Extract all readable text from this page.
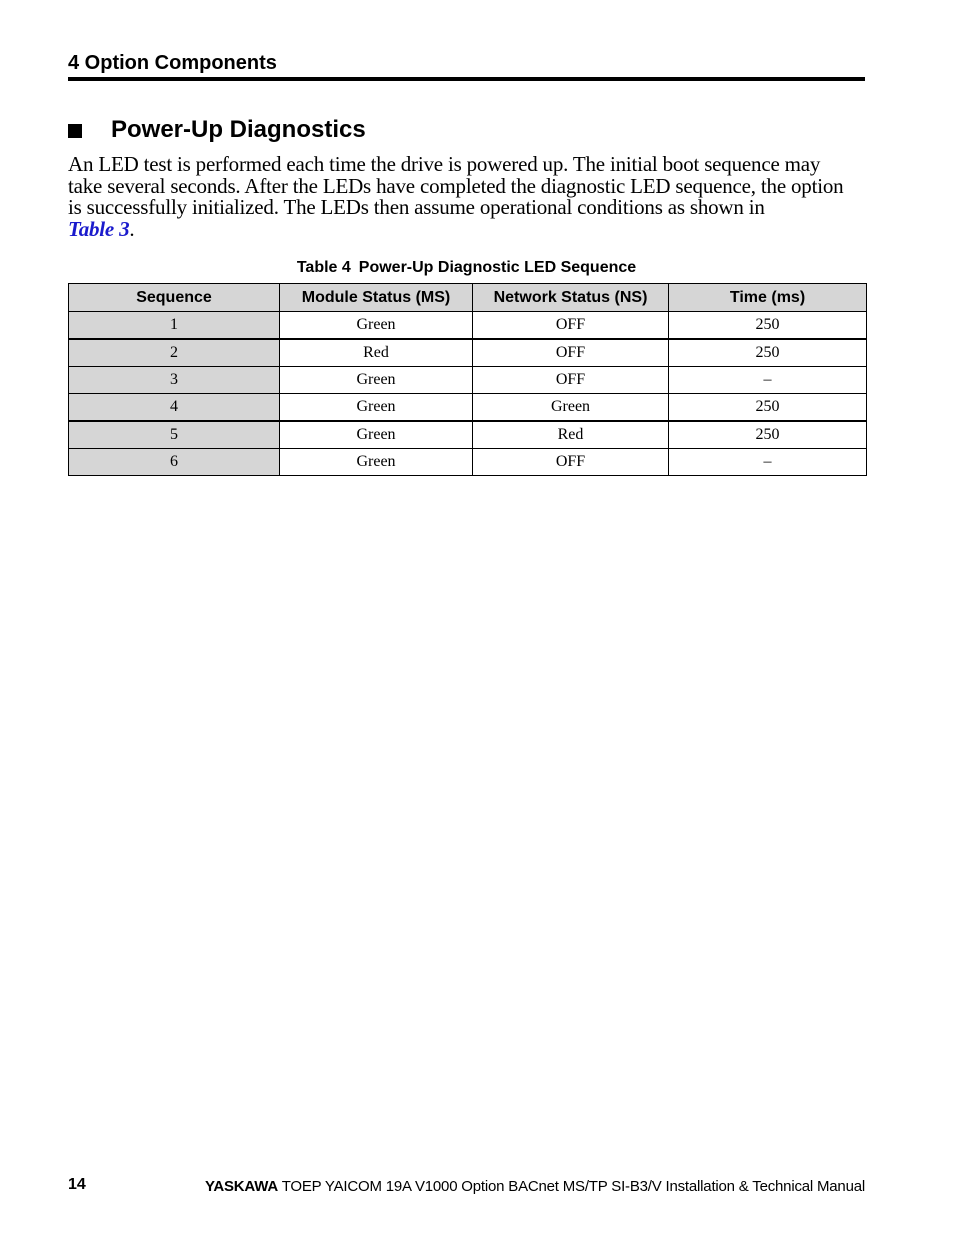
4 Option Components
Power-Up Diagnostics

An LED test is performed each time the drive is powered up. The initial boot sequence may
take several seconds. After the LEDs have completed the diagnostic LED sequence, the option
is successfully initialized. The LEDs then assume operational conditions as shown in
Table 3.

Table 4 Power-Up Diagnostic LED Sequence
Sequence	Module Status (MS)	Network Status (NS)	Time (ms)
1	Green	OFF	250
2	Red	OFF	250
3	Green	OFF	–
4	Green	Green	250
5	Green	Red	250
6	Green	OFF	–
14	YASKAWA TOEP YAICOM 19A V1000 Option BACnet MS/TP SI-B3/V Installation & Technical Manual
